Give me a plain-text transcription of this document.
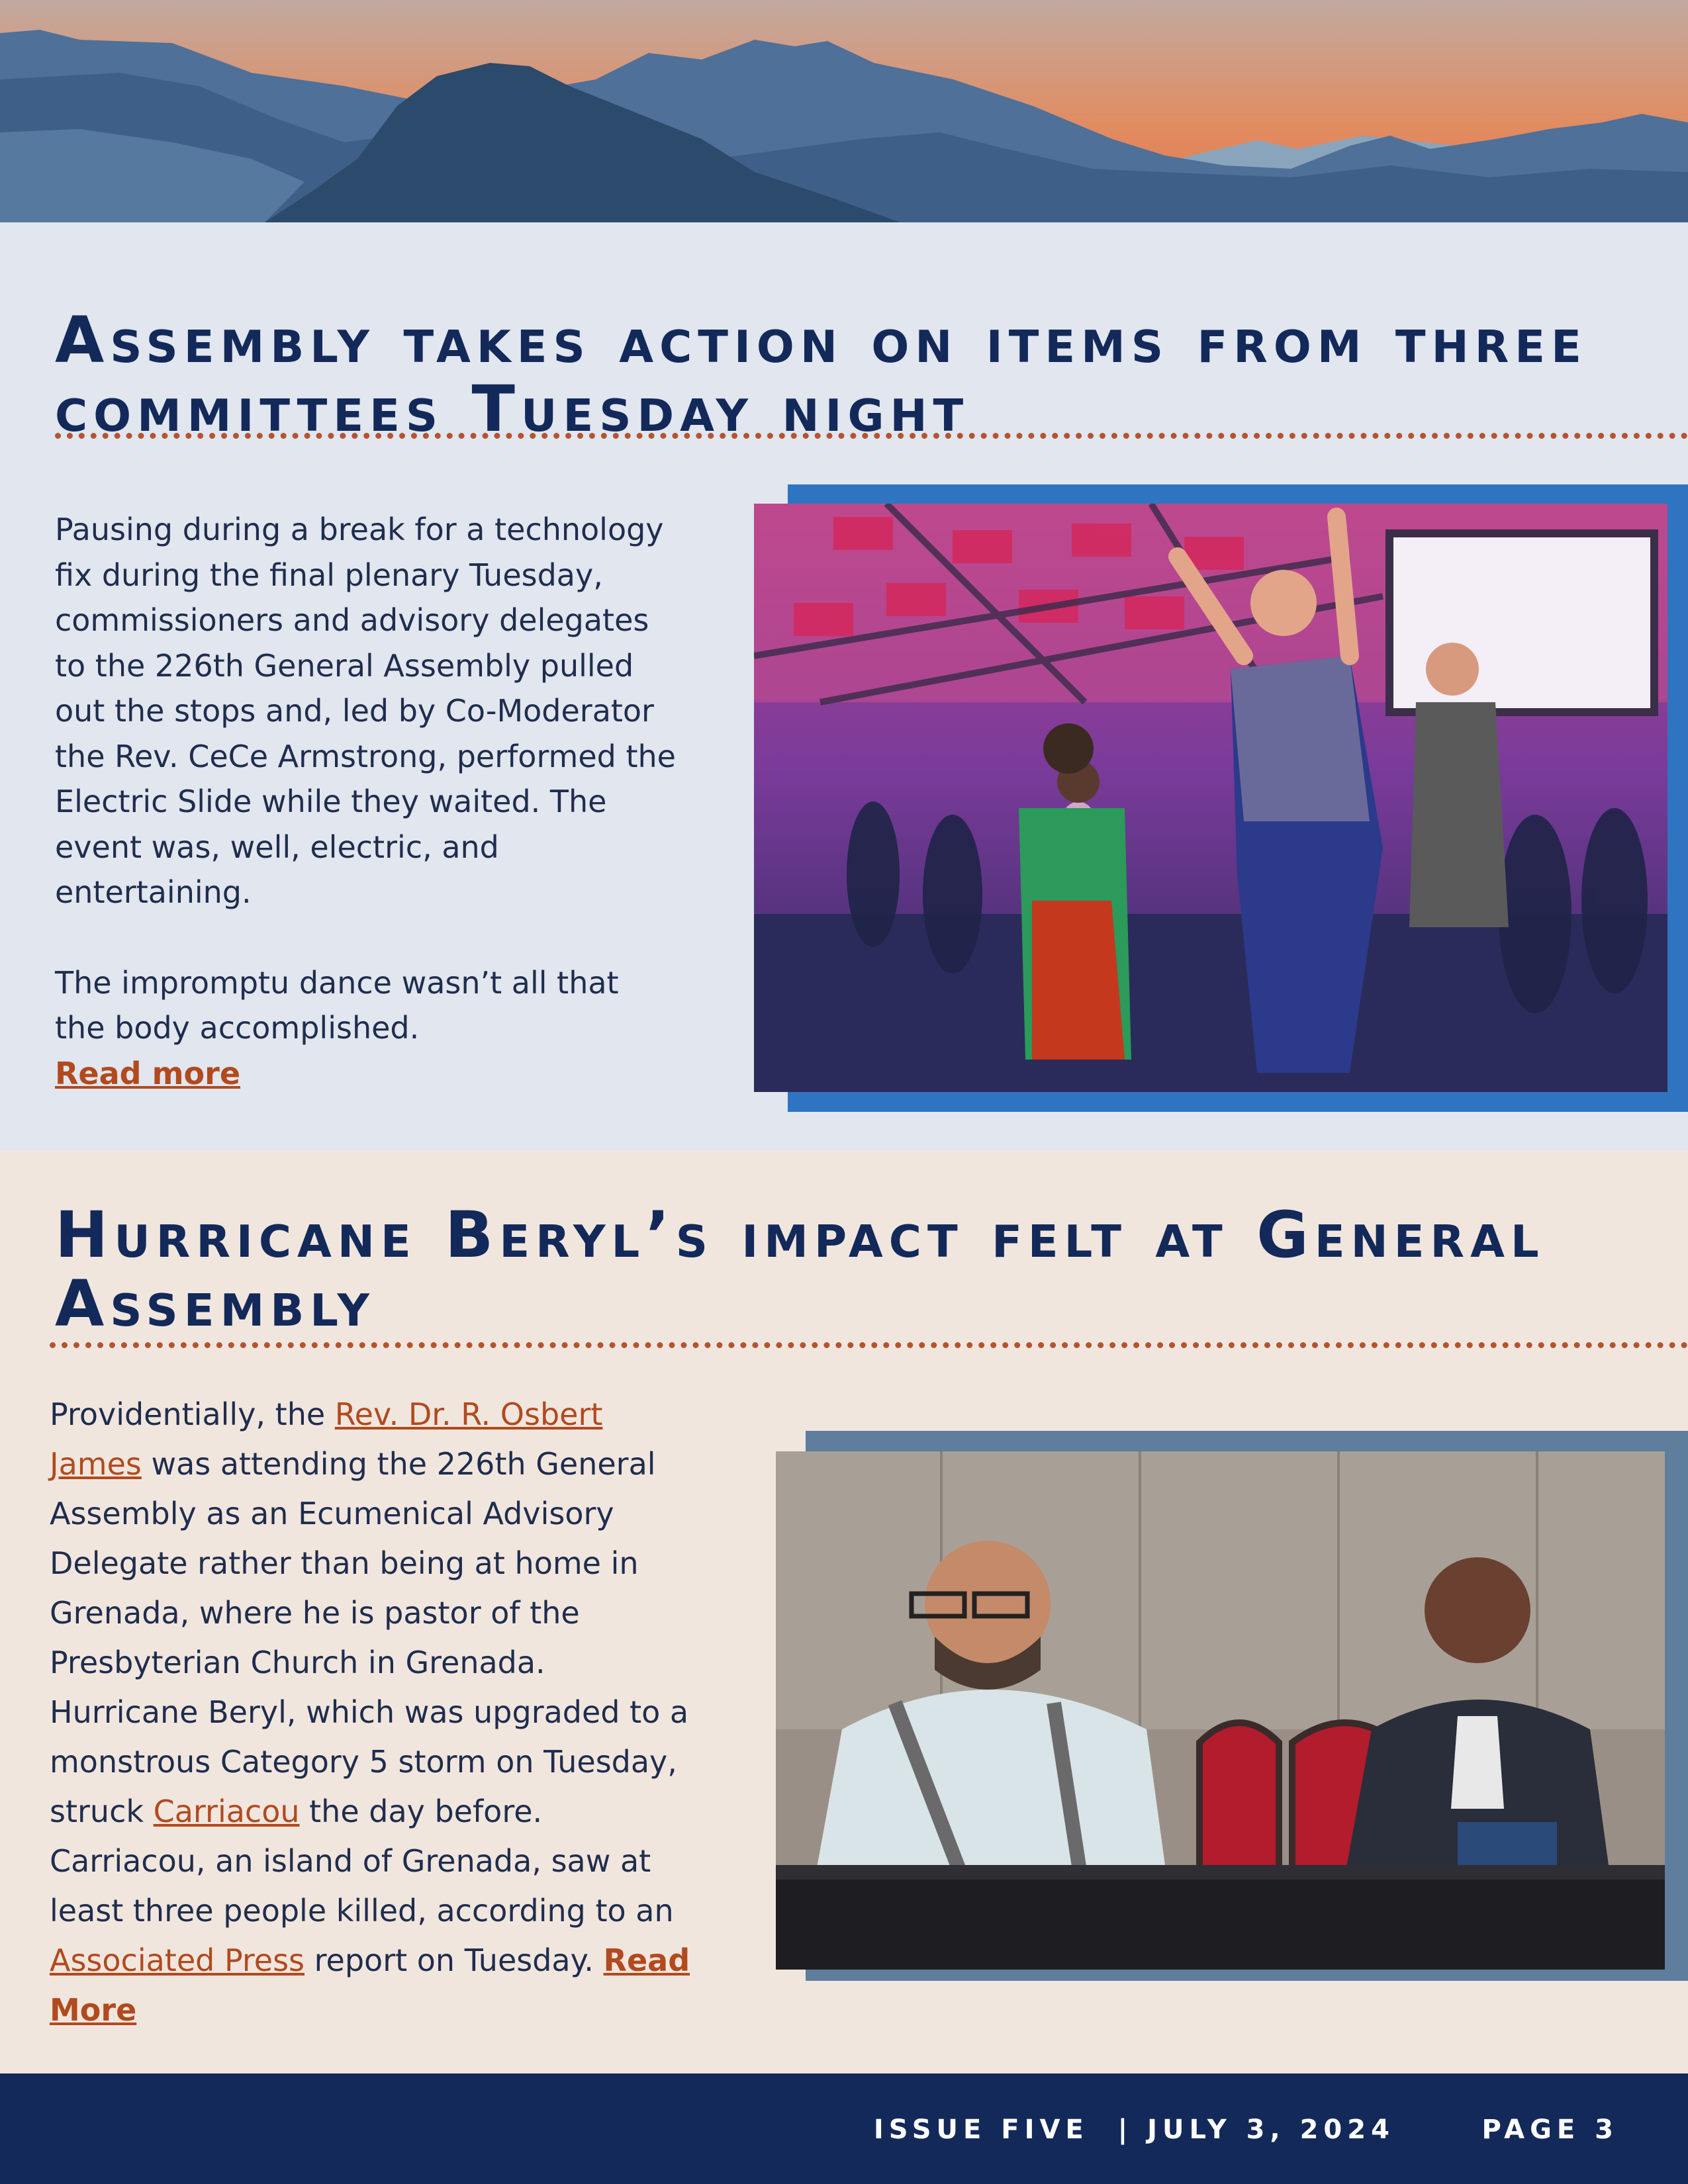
Assembly takes action on items from three committees Tuesday night

Pausing during a break for a technology fix during the final plenary Tuesday, commissioners and advisory delegates to the 226th General Assembly pulled out the stops and, led by Co-Moderator the Rev. CeCe Armstrong, performed the Electric Slide while they waited. The event was, well, electric, and entertaining.

The impromptu dance wasn’t all that the body accomplished.

Read more
Hurricane Beryl’s impact felt at General Assembly

Providentially, the Rev. Dr. R. Osbert James was attending the 226th General Assembly as an Ecumenical Advisory Delegate rather than being at home in Grenada, where he is pastor of the Presbyterian Church in Grenada. Hurricane Beryl, which was upgraded to a monstrous Category 5 storm on Tuesday, struck Carriacou the day before. Carriacou, an island of Grenada, saw at least three people killed, according to an Associated Press report on Tuesday. Read More

ISSUE FIVE | JULY 3, 2024	PAGE 3
